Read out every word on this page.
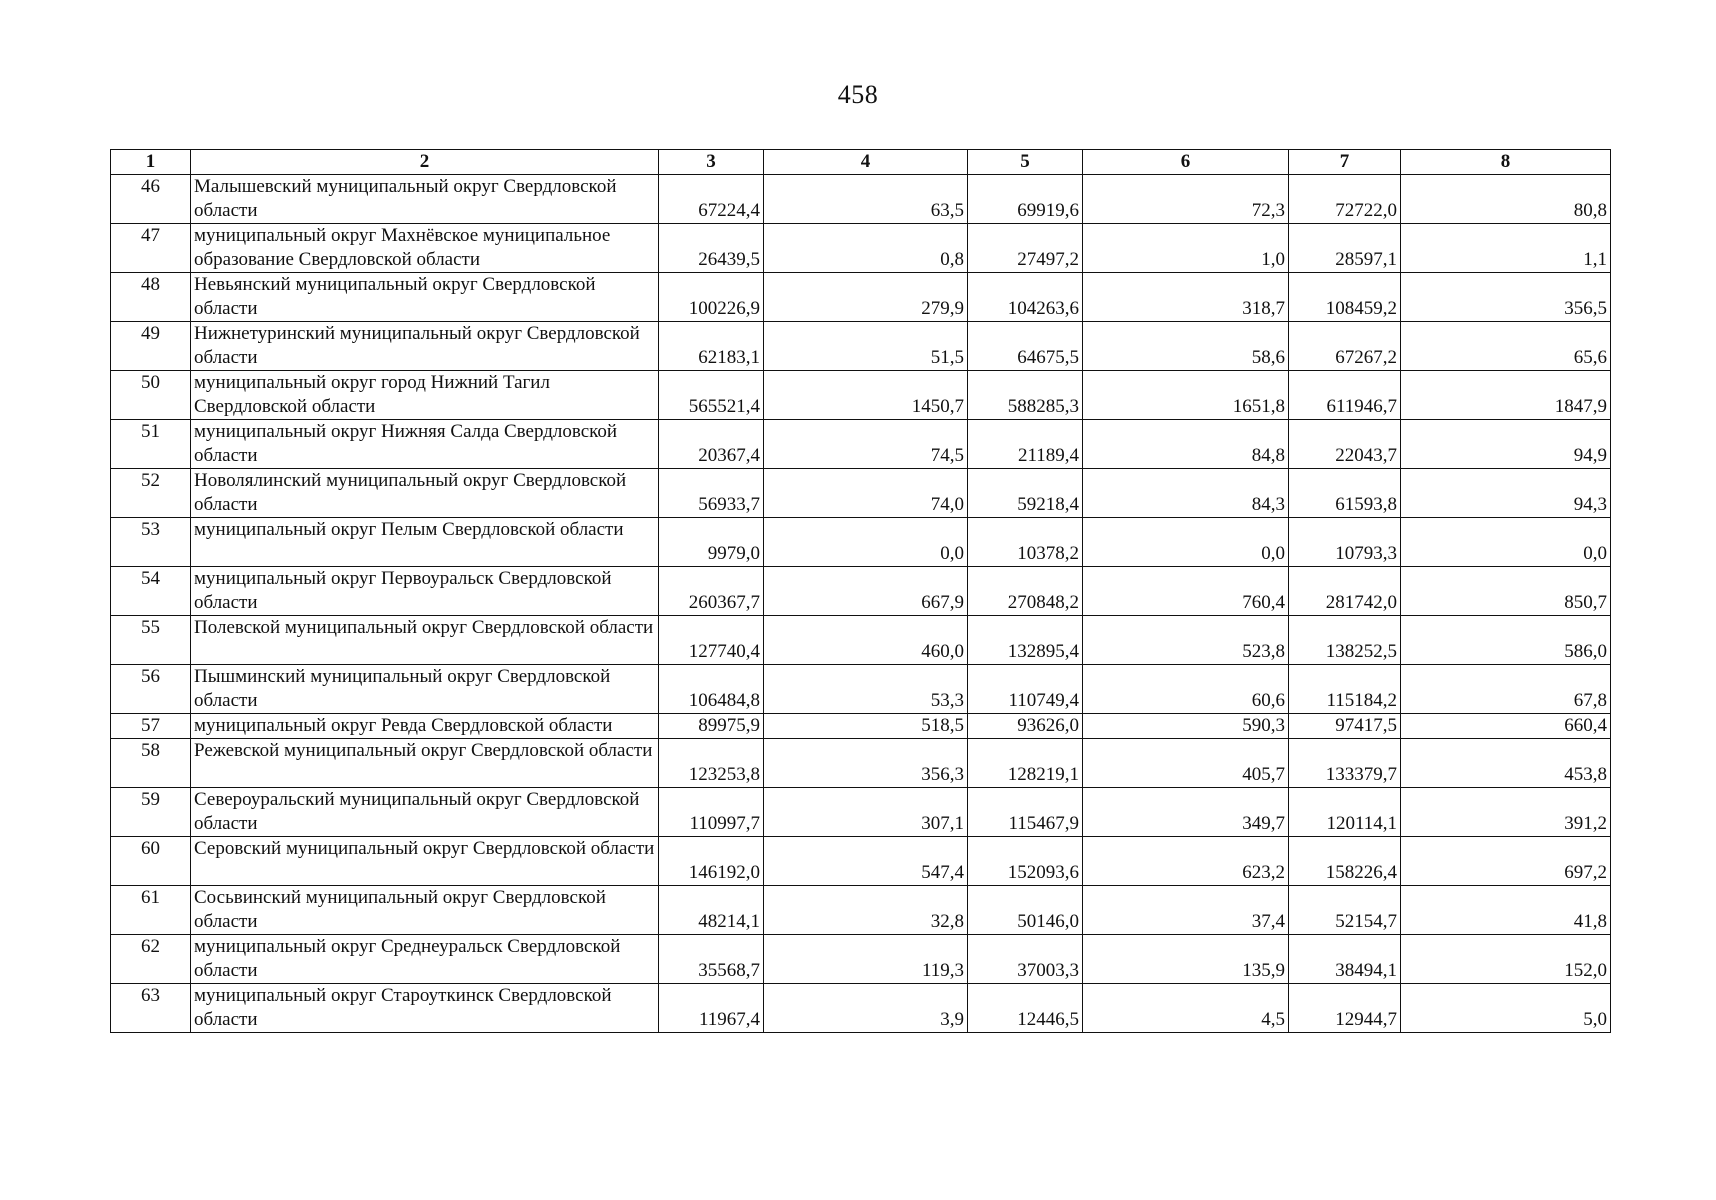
458
1	2	3	4	5	6	7	8
46	Малышевский муниципальный округ Свердловской области	67224,4	63,5	69919,6	72,3	72722,0	80,8
47	муниципальный округ Махнёвское муниципальное образование Свердловской области	26439,5	0,8	27497,2	1,0	28597,1	1,1
48	Невьянский муниципальный округ Свердловской области	100226,9	279,9	104263,6	318,7	108459,2	356,5
49	Нижнетуринский муниципальный округ Свердловской области	62183,1	51,5	64675,5	58,6	67267,2	65,6
50	муниципальный округ город Нижний Тагил Свердловской области	565521,4	1450,7	588285,3	1651,8	611946,7	1847,9
51	муниципальный округ Нижняя Салда Свердловской области	20367,4	74,5	21189,4	84,8	22043,7	94,9
52	Новолялинский муниципальный округ Свердловской области	56933,7	74,0	59218,4	84,3	61593,8	94,3
53	муниципальный округ Пелым Свердловской области	9979,0	0,0	10378,2	0,0	10793,3	0,0
54	муниципальный округ Первоуральск Свердловской области	260367,7	667,9	270848,2	760,4	281742,0	850,7
55	Полевской муниципальный округ Свердловской области	127740,4	460,0	132895,4	523,8	138252,5	586,0
56	Пышминский муниципальный округ Свердловской области	106484,8	53,3	110749,4	60,6	115184,2	67,8
57	муниципальный округ Ревда Свердловской области	89975,9	518,5	93626,0	590,3	97417,5	660,4
58	Режевской муниципальный округ Свердловской области	123253,8	356,3	128219,1	405,7	133379,7	453,8
59	Североуральский муниципальный округ Свердловской области	110997,7	307,1	115467,9	349,7	120114,1	391,2
60	Серовский муниципальный округ Свердловской области	146192,0	547,4	152093,6	623,2	158226,4	697,2
61	Сосьвинский муниципальный округ Свердловской области	48214,1	32,8	50146,0	37,4	52154,7	41,8
62	муниципальный округ Среднеуральск Свердловской области	35568,7	119,3	37003,3	135,9	38494,1	152,0
63	муниципальный округ Староуткинск Свердловской области	11967,4	3,9	12446,5	4,5	12944,7	5,0
